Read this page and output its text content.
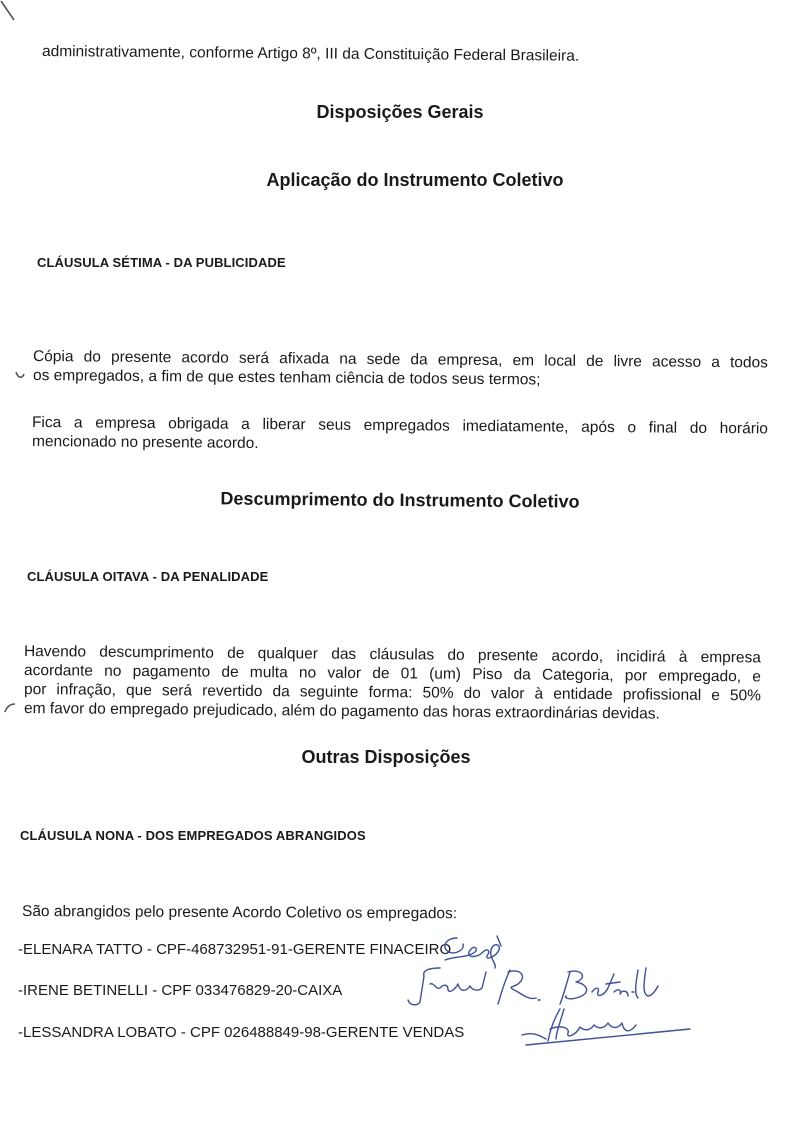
administrativamente, conforme Artigo 8º, III da Constituição Federal Brasileira.
Disposições Gerais
Aplicação do Instrumento Coletivo
CLÁUSULA SÉTIMA - DA PUBLICIDADE
Cópia do presente acordo será afixada na sede da empresa, em local de livre acesso a todos
os empregados, a fim de que estes tenham ciência de todos seus termos;
Fica a empresa obrigada a liberar seus empregados imediatamente, após o final do horário
mencionado no presente acordo.
Descumprimento do Instrumento Coletivo
CLÁUSULA OITAVA - DA PENALIDADE
Havendo descumprimento de qualquer das cláusulas do presente acordo, incidirá à empresa
acordante no pagamento de multa no valor de 01 (um) Piso da Categoria, por empregado, e
por infração, que será revertido da seguinte forma: 50% do valor à entidade profissional e 50%
em favor do empregado prejudicado, além do pagamento das horas extraordinárias devidas.
Outras Disposições
CLÁUSULA NONA - DOS EMPREGADOS ABRANGIDOS
São abrangidos pelo presente Acordo Coletivo os empregados:
-ELENARA TATTO - CPF-468732951-91-GERENTE FINACEIRO
-IRENE BETINELLI - CPF 033476829-20-CAIXA
-LESSANDRA LOBATO - CPF 026488849-98-GERENTE VENDAS
